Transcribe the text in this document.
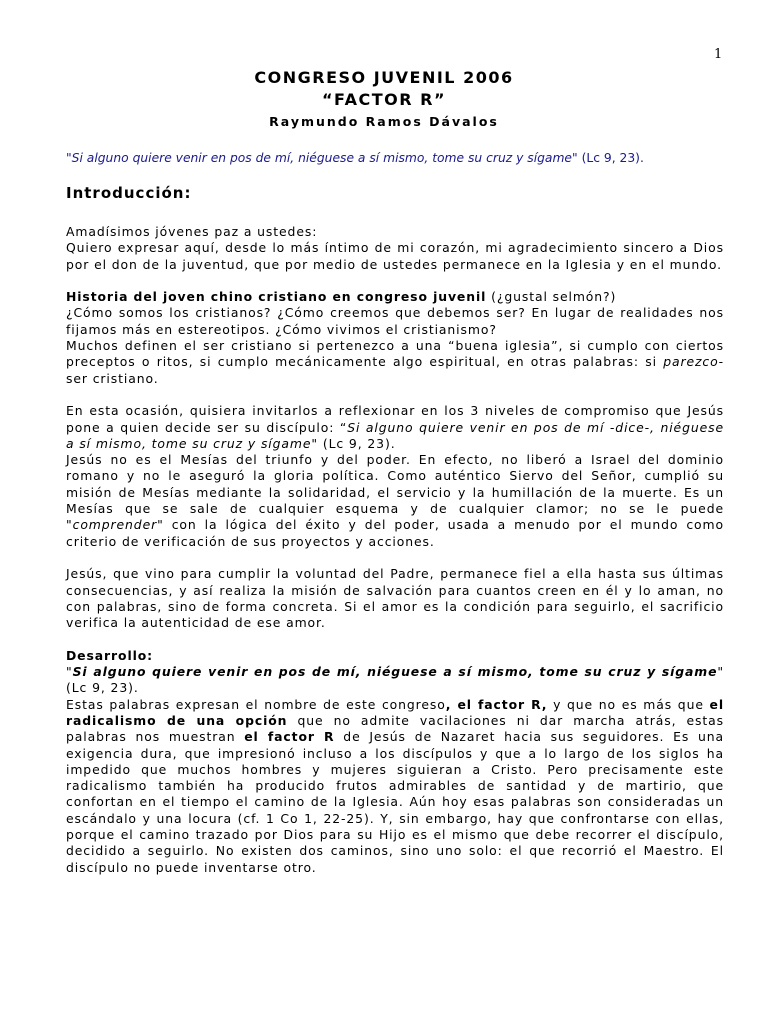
1
CONGRESO JUVENIL 2006
“FACTOR R”
Raymundo Ramos Dávalos
"Si alguno quiere venir en pos de mí, niéguese a sí mismo, tome su cruz y sígame" (Lc 9, 23).
Introducción:

Amadísimos jóvenes paz a ustedes:

Quiero expresar aquí, desde lo más íntimo de mi corazón, mi agradecimiento sincero a Dios por el don de la juventud, que por medio de ustedes permanece en la Iglesia y en el mundo.

Historia del joven chino cristiano en congreso juvenil (¿gustal selmón?)

¿Cómo somos los cristianos? ¿Cómo creemos que debemos ser? En lugar de realidades nos fijamos más en estereotipos. ¿Cómo vivimos el cristianismo?

Muchos definen el ser cristiano si pertenezco a una “buena iglesia”, si cumplo con ciertos preceptos o ritos, si cumplo mecánicamente algo espiritual, en otras palabras: si parezco- ser cristiano.

En esta ocasión, quisiera invitarlos a reflexionar en los 3 niveles de compromiso que Jesús pone a quien decide ser su discípulo: “Si alguno quiere venir en pos de mí -dice-, niéguese a sí mismo, tome su cruz y sígame" (Lc 9, 23).

Jesús no es el Mesías del triunfo y del poder. En efecto, no liberó a Israel del dominio romano y no le aseguró la gloria política. Como auténtico Siervo del Señor, cumplió su misión de Mesías mediante la solidaridad, el servicio y la humillación de la muerte. Es un Mesías que se sale de cualquier esquema y de cualquier clamor; no se le puede "comprender" con la lógica del éxito y del poder, usada a menudo por el mundo como criterio de verificación de sus proyectos y acciones.

Jesús, que vino para cumplir la voluntad del Padre, permanece fiel a ella hasta sus últimas consecuencias, y así realiza la misión de salvación para cuantos creen en él y lo aman, no con palabras, sino de forma concreta. Si el amor es la condición para seguirlo, el sacrificio verifica la autenticidad de ese amor.

Desarrollo:

"Si alguno quiere venir en pos de mí, niéguese a sí mismo, tome su cruz y sígame" (Lc 9, 23).

Estas palabras expresan el nombre de este congreso, el factor R, y que no es más que el radicalismo de una opción que no admite vacilaciones ni dar marcha atrás, estas palabras nos muestran el factor R de Jesús de Nazaret hacia sus seguidores. Es una exigencia dura, que impresionó incluso a los discípulos y que a lo largo de los siglos ha impedido que muchos hombres y mujeres siguieran a Cristo. Pero precisamente este radicalismo también ha producido frutos admirables de santidad y de martirio, que confortan en el tiempo el camino de la Iglesia. Aún hoy esas palabras son consideradas un escándalo y una locura (cf. 1 Co 1, 22-25). Y, sin embargo, hay que confrontarse con ellas, porque el camino trazado por Dios para su Hijo es el mismo que debe recorrer el discípulo, decidido a seguirlo. No existen dos caminos, sino uno solo: el que recorrió el Maestro. El discípulo no puede inventarse otro.
